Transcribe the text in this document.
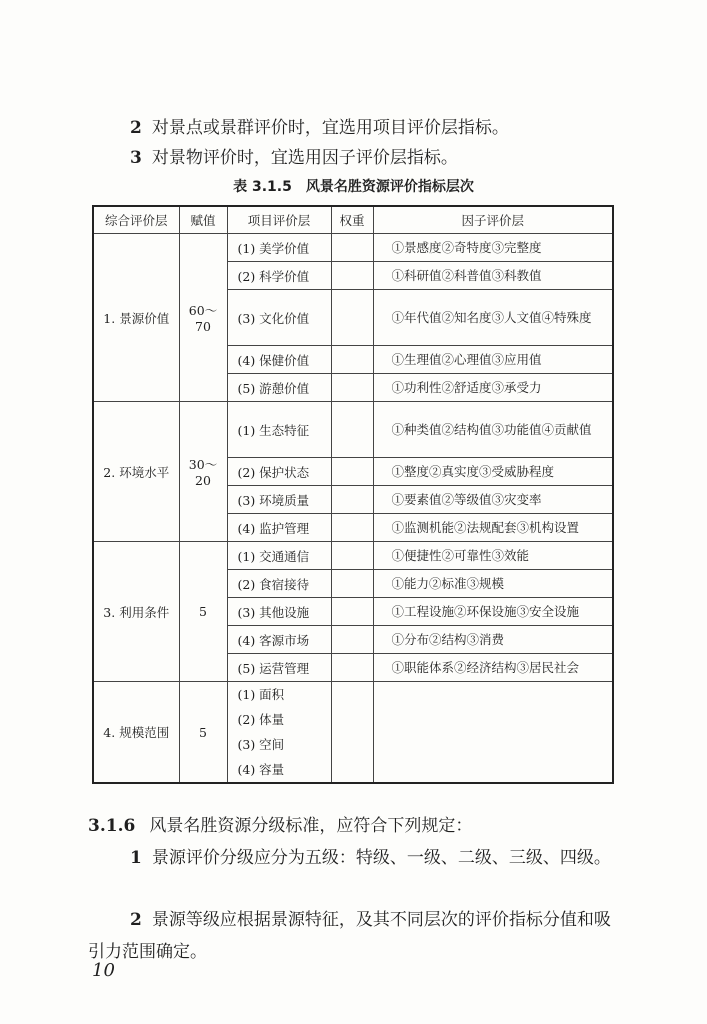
2 对景点或景群评价时，宜选用项目评价层指标。

3 对景物评价时，宜选用因子评价层指标。

表 3.1.5 风景名胜资源评价指标层次
综合评价层	赋值	项目评价层	权重	因子评价层
1. 景源价值	60～70	(1) 美学价值		①景感度②奇特度③完整度
		(2) 科学价值		①科研值②科普值③科教值
		(3) 文化价值		①年代值②知名度③人文值④特殊度
		(4) 保健价值		①生理值②心理值③应用值
		(5) 游憩价值		①功利性②舒适度③承受力
2. 环境水平	30～20	(1) 生态特征		①种类值②结构值③功能值④贡献值
		(2) 保护状态		①整度②真实度③受威胁程度
		(3) 环境质量		①要素值②等级值③灾变率
		(4) 监护管理		①监测机能②法规配套③机构设置
3. 利用条件	5	(1) 交通通信		①便捷性②可靠性③效能
		(2) 食宿接待		①能力②标准③规模
		(3) 其他设施		①工程设施②环保设施③安全设施
		(4) 客源市场		①分布②结构③消费
		(5) 运营管理		①职能体系②经济结构③居民社会
4. 规模范围	5	(1) 面积
(2) 体量
(3) 空间
(4) 容量		

3.1.6 风景名胜资源分级标准，应符合下列规定：

1 景源评价分级应分为五级：特级、一级、二级、三级、四级。

2 景源等级应根据景源特征，及其不同层次的评价指标分值和吸引力范围确定。

10
